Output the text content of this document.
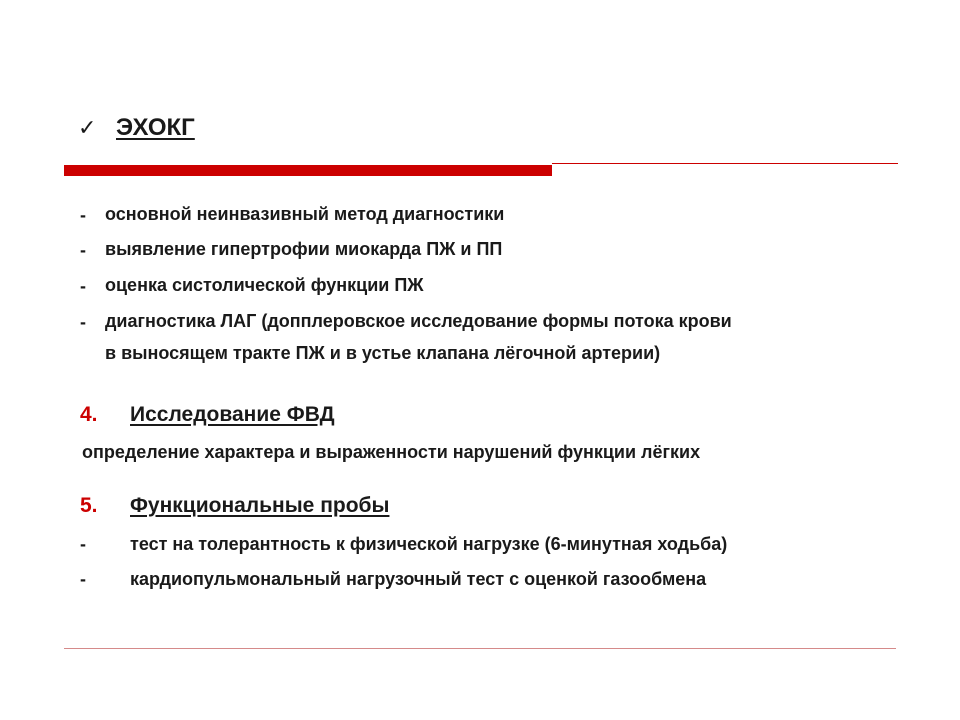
✓ ЭХОКГ
- основной неинвазивный метод диагностики
- выявление гипертрофии миокарда ПЖ и ПП
- оценка систолической функции ПЖ
- диагностика ЛАГ (допплеровское исследование формы потока крови
в выносящем тракте ПЖ и в устье клапана лёгочной артерии)
4. Исследование ФВД
определение характера и выраженности нарушений функции лёгких
5. Функциональные пробы
- тест на толерантность к физической нагрузке (6-минутная ходьба)
- кардиопульмональный нагрузочный тест с оценкой газообмена
